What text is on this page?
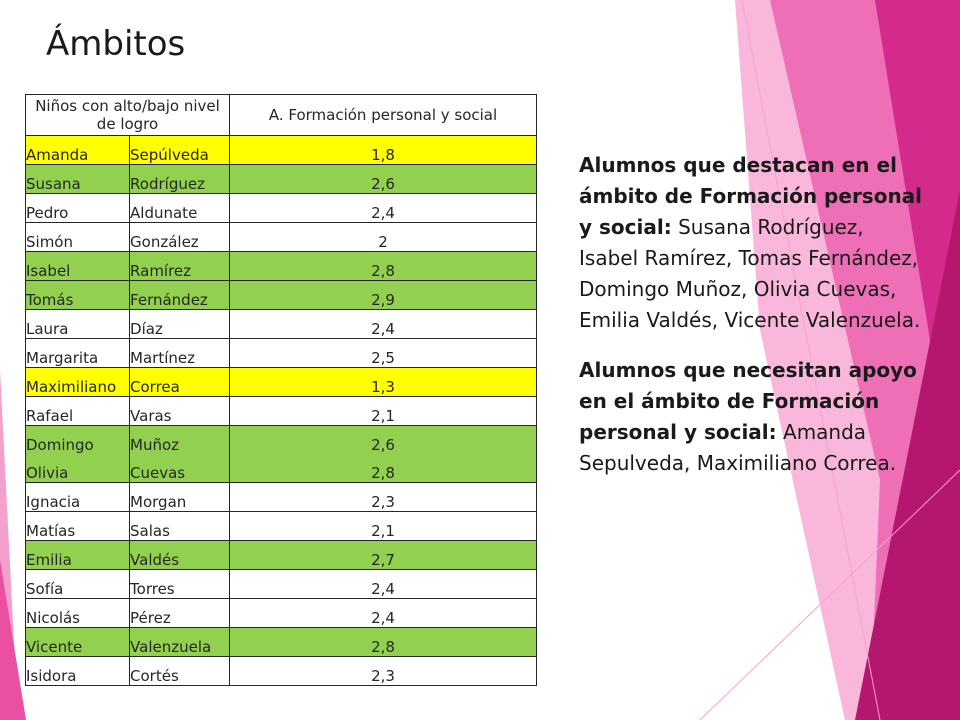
Ámbitos
Niños con alto/bajo nivel de logro		A. Formación personal y social
Amanda	Sepúlveda	1,8
Susana	Rodríguez	2,6
Pedro	Aldunate	2,4
Simón	González	2
Isabel	Ramírez	2,8
Tomás	Fernández	2,9
Laura	Díaz	2,4
Margarita	Martínez	2,5
Maximiliano	Correa	1,3
Rafael	Varas	2,1
Domingo	Muñoz	2,6
Olivia	Cuevas	2,8
Ignacia	Morgan	2,3
Matías	Salas	2,1
Emilia	Valdés	2,7
Sofía	Torres	2,4
Nicolás	Pérez	2,4
Vicente	Valenzuela	2,8
Isidora	Cortés	2,3

Alumnos que destacan en el ámbito de Formación personal y social: Susana Rodríguez, Isabel Ramírez, Tomas Fernández, Domingo Muñoz, Olivia Cuevas, Emilia Valdés, Vicente Valenzuela.

Alumnos que necesitan apoyo en el ámbito de Formación personal y social: Amanda Sepulveda, Maximiliano Correa.
